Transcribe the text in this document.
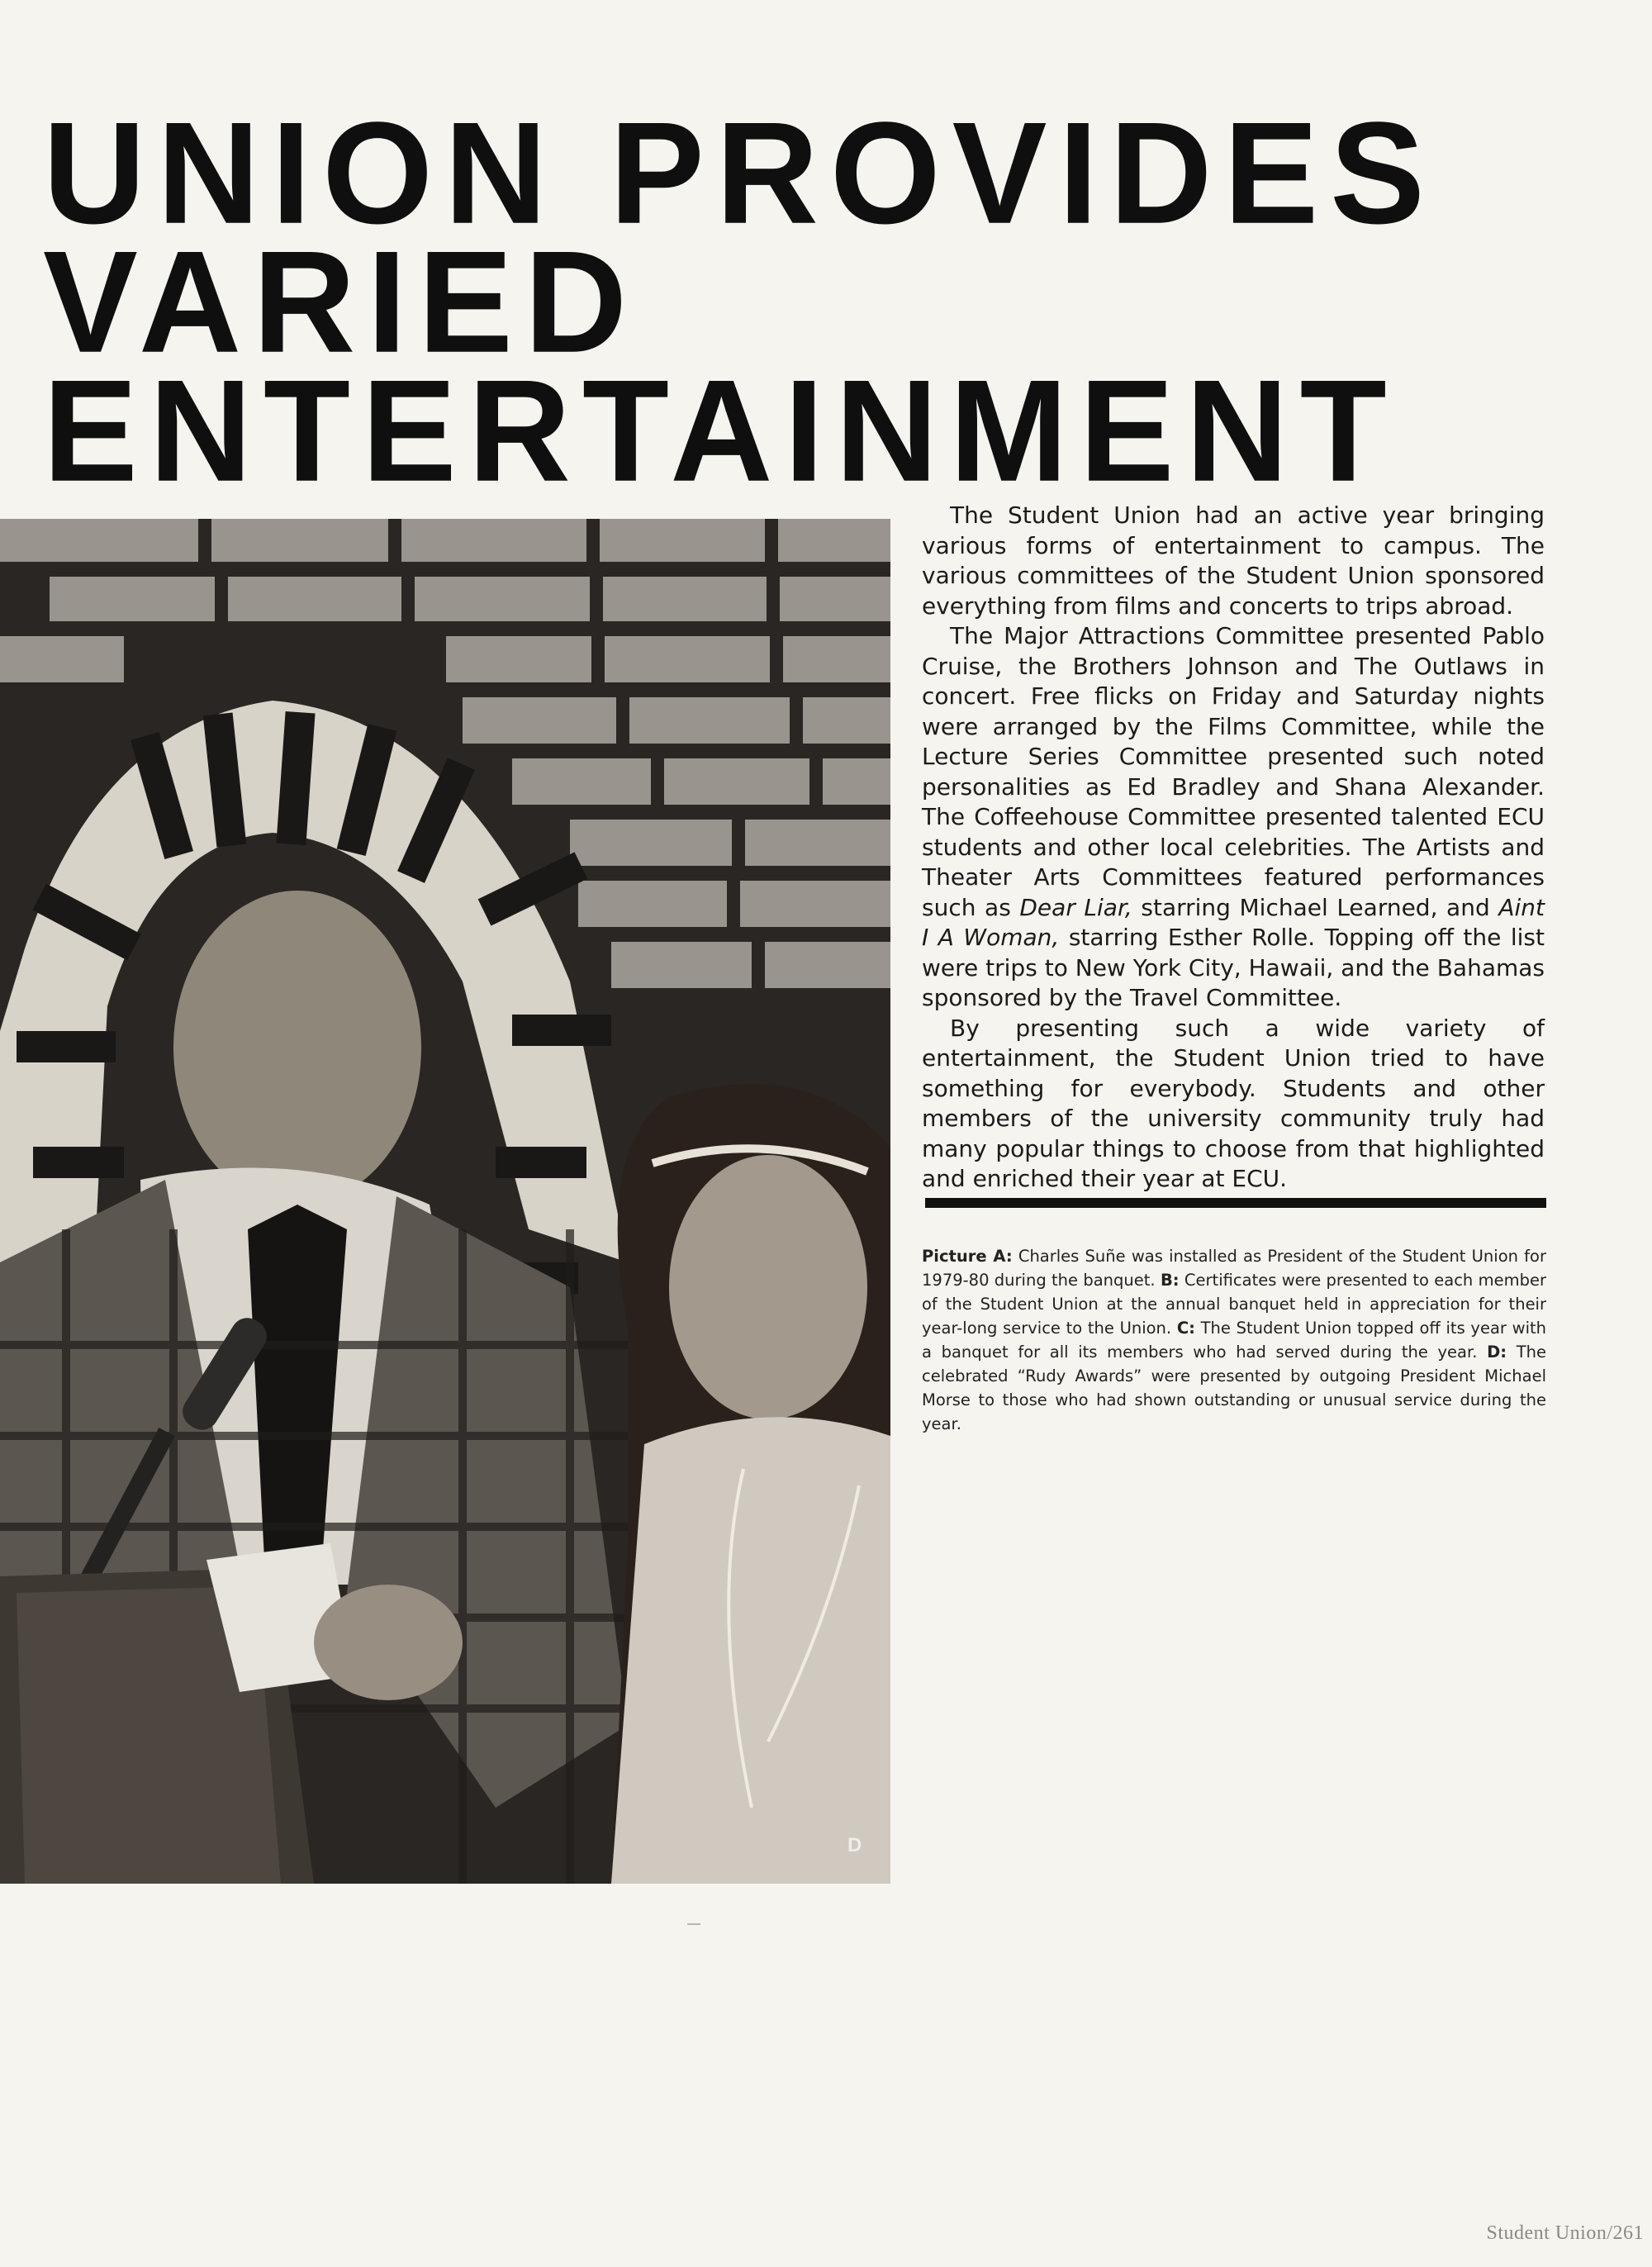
UNION PROVIDES
VARIED
ENTERTAINMENT
D

The Student Union had an active year bringing various forms of entertainment to campus. The various committees of the Student Union sponsored everything from films and concerts to trips abroad.

The Major Attractions Committee presented Pablo Cruise, the Brothers Johnson and The Outlaws in concert. Free flicks on Friday and Saturday nights were arranged by the Films Committee, while the Lecture Series Committee presented such noted personalities as Ed Bradley and Shana Alexander. The Coffeehouse Committee presented talented ECU students and other local celebrities. The Artists and Theater Arts Committees featured performances such as Dear Liar, starring Michael Learned, and Aint I A Woman, starring Esther Rolle. Topping off the list were trips to New York City, Hawaii, and the Bahamas sponsored by the Travel Committee.

By presenting such a wide variety of entertainment, the Student Union tried to have something for everybody. Students and other members of the university community truly had many popular things to choose from that highlighted and enriched their year at ECU.

Picture A: Charles Suñe was installed as President of the Student Union for 1979-80 during the banquet. B: Certificates were presented to each member of the Student Union at the annual banquet held in appreciation for their year-long service to the Union. C: The Student Union topped off its year with a banquet for all its members who had served during the year. D: The celebrated “Rudy Awards” were presented by outgoing President Michael Morse to those who had shown outstanding or unusual service during the year.
Student Union/261
